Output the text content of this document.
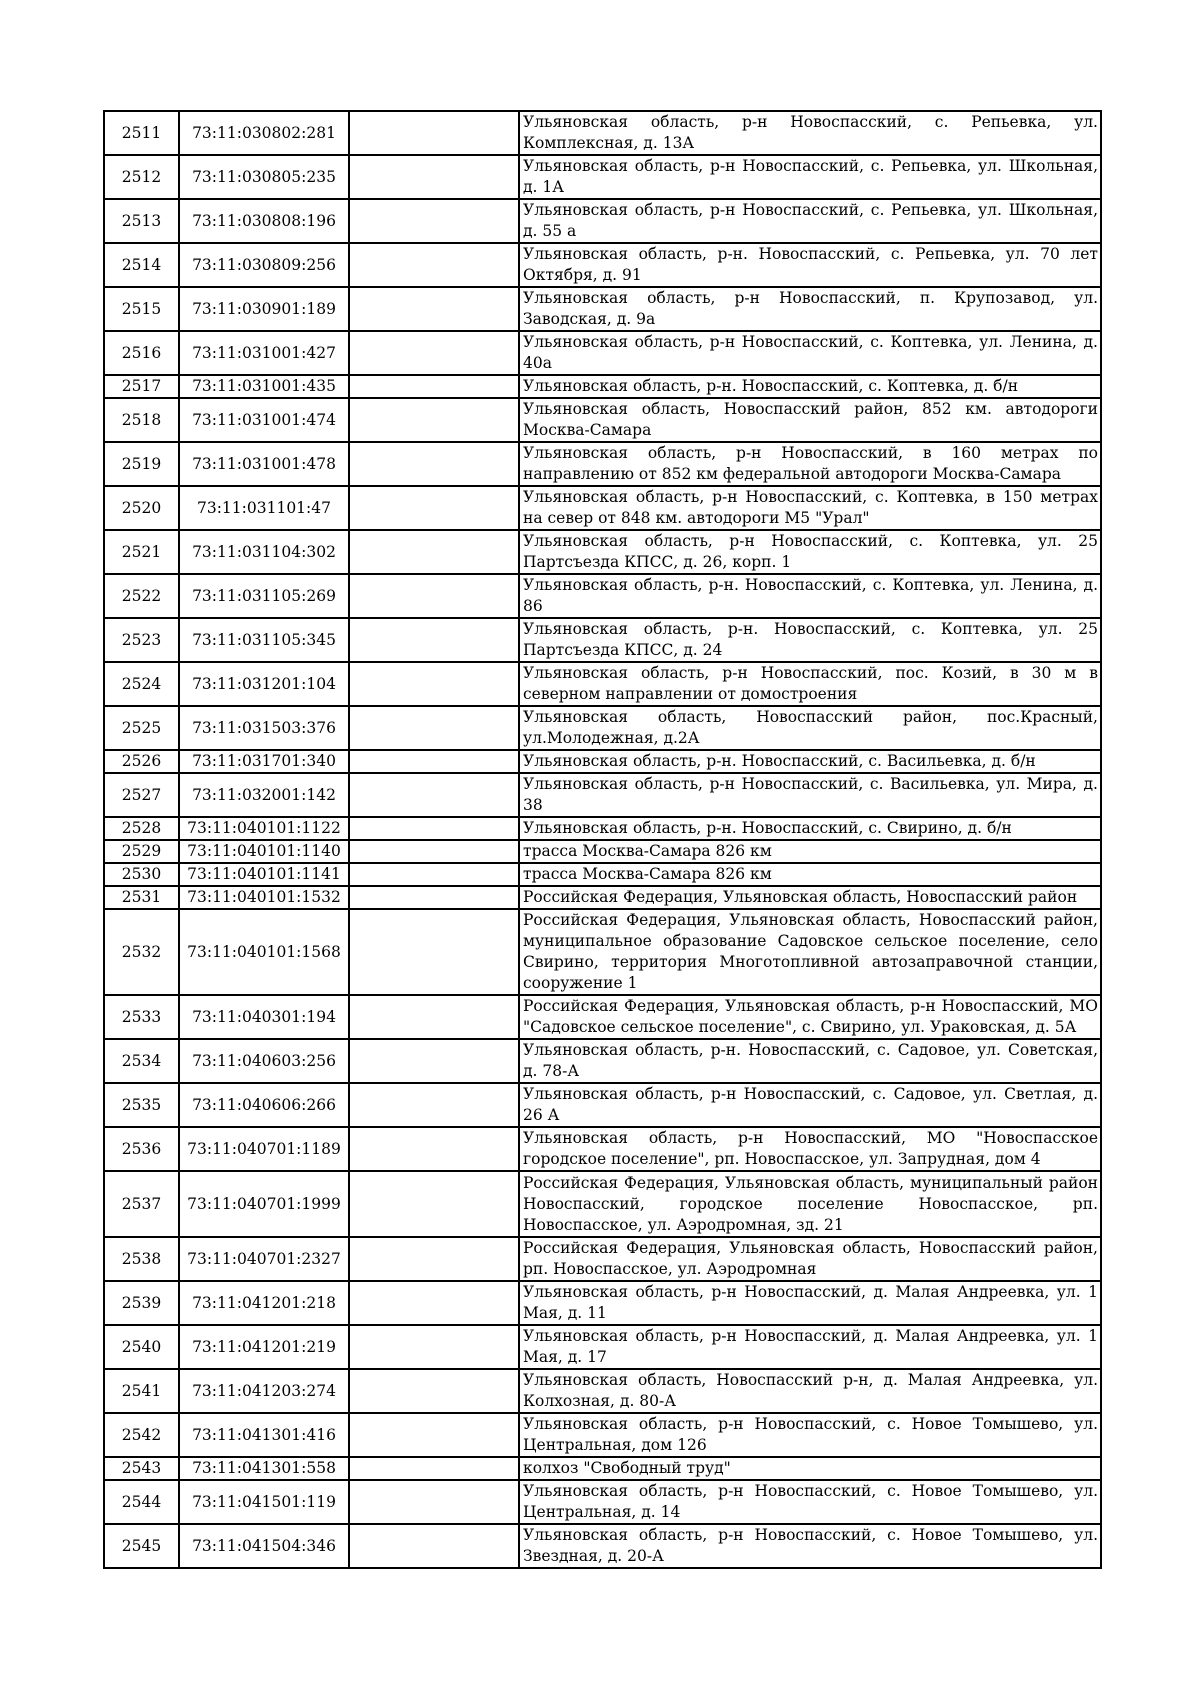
2511	73:11:030802:281		Ульяновская область, р-н Новоспасский, с. Репьевка, ул. Комплексная, д. 13А
2512	73:11:030805:235		Ульяновская область, р-н Новоспасский, с. Репьевка, ул. Школьная, д. 1А
2513	73:11:030808:196		Ульяновская область, р-н Новоспасский, с. Репьевка, ул. Школьная, д. 55 а
2514	73:11:030809:256		Ульяновская область, р-н. Новоспасский, с. Репьевка, ул. 70 лет Октября, д. 91
2515	73:11:030901:189		Ульяновская область, р-н Новоспасский, п. Крупозавод, ул. Заводская, д. 9а
2516	73:11:031001:427		Ульяновская область, р-н Новоспасский, с. Коптевка, ул. Ленина, д. 40а
2517	73:11:031001:435		Ульяновская область, р-н. Новоспасский, с. Коптевка, д. б/н
2518	73:11:031001:474		Ульяновская область, Новоспасский район, 852 км. автодороги Москва-Самара
2519	73:11:031001:478		Ульяновская область, р-н Новоспасский, в 160 метрах по направлению от 852 км федеральной автодороги Москва-Самара
2520	73:11:031101:47		Ульяновская область, р-н Новоспасский, с. Коптевка, в 150 метрах на север от 848 км. автодороги М5 "Урал"
2521	73:11:031104:302		Ульяновская область, р-н Новоспасский, с. Коптевка, ул. 25 Партсъезда КПСС, д. 26, корп. 1
2522	73:11:031105:269		Ульяновская область, р-н. Новоспасский, с. Коптевка, ул. Ленина, д. 86
2523	73:11:031105:345		Ульяновская область, р-н. Новоспасский, с. Коптевка, ул. 25 Партсъезда КПСС, д. 24
2524	73:11:031201:104		Ульяновская область, р-н Новоспасский, пос. Козий, в 30 м в северном направлении от домостроения
2525	73:11:031503:376		Ульяновская область, Новоспасский район, пос.Красный, ул.Молодежная, д.2А
2526	73:11:031701:340		Ульяновская область, р-н. Новоспасский, с. Васильевка, д. б/н
2527	73:11:032001:142		Ульяновская область, р-н Новоспасский, с. Васильевка, ул. Мира, д. 38
2528	73:11:040101:1122		Ульяновская область, р-н. Новоспасский, с. Свирино, д. б/н
2529	73:11:040101:1140		трасса Москва-Самара 826 км
2530	73:11:040101:1141		трасса Москва-Самара 826 км
2531	73:11:040101:1532		Российская Федерация, Ульяновская область, Новоспасский район
2532	73:11:040101:1568		Российская Федерация, Ульяновская область, Новоспасский район, муниципальное образование Садовское сельское поселение, село Свирино, территория Многотопливной автозаправочной станции, сооружение 1
2533	73:11:040301:194		Российская Федерация, Ульяновская область, р-н Новоспасский, МО "Садовское сельское поселение", с. Свирино, ул. Ураковская, д. 5А
2534	73:11:040603:256		Ульяновская область, р-н. Новоспасский, с. Садовое, ул. Советская, д. 78-А
2535	73:11:040606:266		Ульяновская область, р-н Новоспасский, с. Садовое, ул. Светлая, д. 26 А
2536	73:11:040701:1189		Ульяновская область, р-н Новоспасский, МО "Новоспасское городское поселение", рп. Новоспасское, ул. Запрудная, дом 4
2537	73:11:040701:1999		Российская Федерация, Ульяновская область, муниципальный район Новоспасский, городское поселение Новоспасское, рп. Новоспасское, ул. Аэродромная, зд. 21
2538	73:11:040701:2327		Российская Федерация, Ульяновская область, Новоспасский район, рп. Новоспасское, ул. Аэродромная
2539	73:11:041201:218		Ульяновская область, р-н Новоспасский, д. Малая Андреевка, ул. 1 Мая, д. 11
2540	73:11:041201:219		Ульяновская область, р-н Новоспасский, д. Малая Андреевка, ул. 1 Мая, д. 17
2541	73:11:041203:274		Ульяновская область, Новоспасский р-н, д. Малая Андреевка, ул. Колхозная, д. 80-А
2542	73:11:041301:416		Ульяновская область, р-н Новоспасский, с. Новое Томышево, ул. Центральная, дом 126
2543	73:11:041301:558		колхоз "Свободный труд"
2544	73:11:041501:119		Ульяновская область, р-н Новоспасский, с. Новое Томышево, ул. Центральная, д. 14
2545	73:11:041504:346		Ульяновская область, р-н Новоспасский, с. Новое Томышево, ул. Звездная, д. 20-А
